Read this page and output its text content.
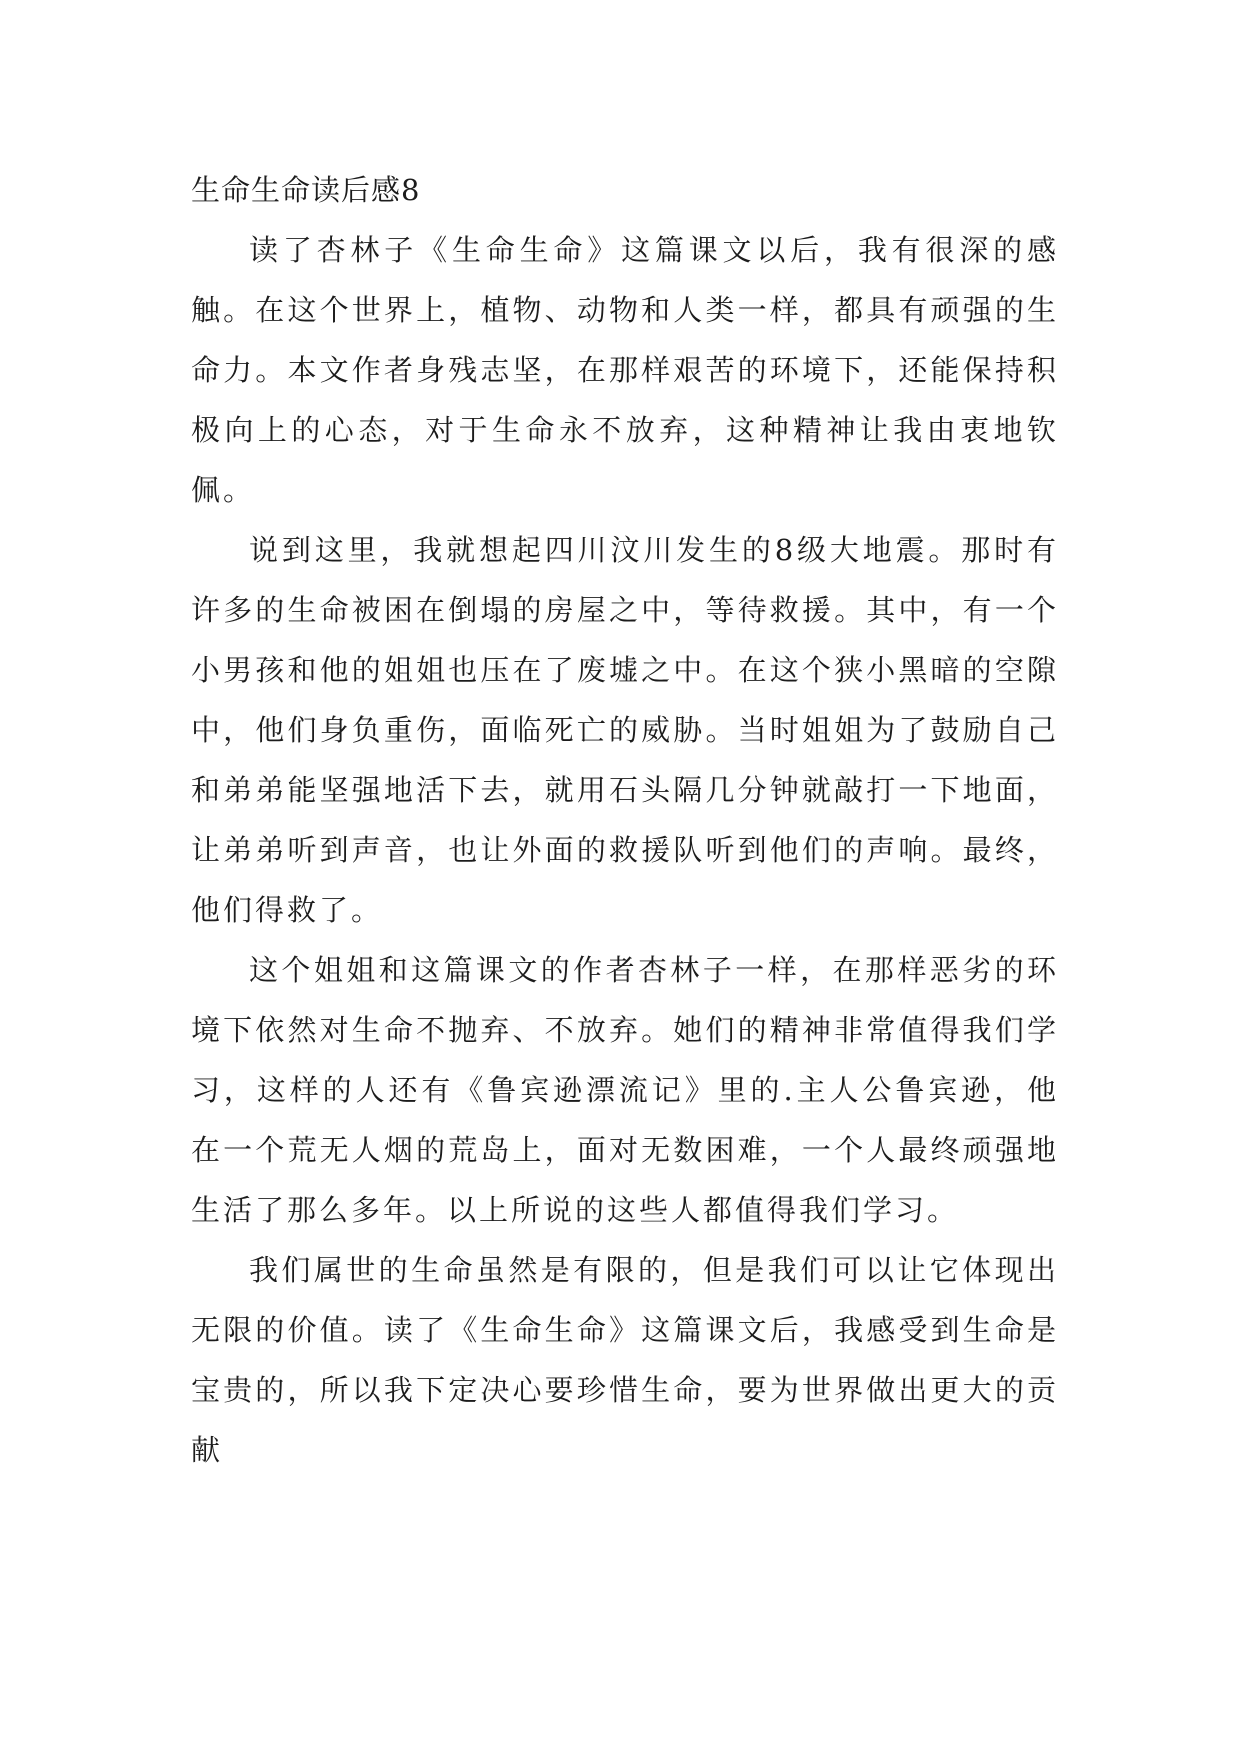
生命生命读后感8

读了杏林子《生命生命》这篇课文以后，我有很深的感触。在这个世界上，植物、动物和人类一样，都具有顽强的生命力。本文作者身残志坚，在那样艰苦的环境下，还能保持积极向上的心态，对于生命永不放弃，这种精神让我由衷地钦佩。

说到这里，我就想起四川汶川发生的8级大地震。那时有许多的生命被困在倒塌的房屋之中，等待救援。其中，有一个小男孩和他的姐姐也压在了废墟之中。在这个狭小黑暗的空隙中，他们身负重伤，面临死亡的威胁。当时姐姐为了鼓励自己和弟弟能坚强地活下去，就用石头隔几分钟就敲打一下地面，让弟弟听到声音，也让外面的救援队听到他们的声响。最终，他们得救了。

这个姐姐和这篇课文的作者杏林子一样，在那样恶劣的环境下依然对生命不抛弃、不放弃。她们的精神非常值得我们学习，这样的人还有《鲁宾逊漂流记》里的.主人公鲁宾逊，他在一个荒无人烟的荒岛上，面对无数困难，一个人最终顽强地生活了那么多年。以上所说的这些人都值得我们学习。

我们属世的生命虽然是有限的，但是我们可以让它体现出无限的价值。读了《生命生命》这篇课文后，我感受到生命是宝贵的，所以我下定决心要珍惜生命，要为世界做出更大的贡献
